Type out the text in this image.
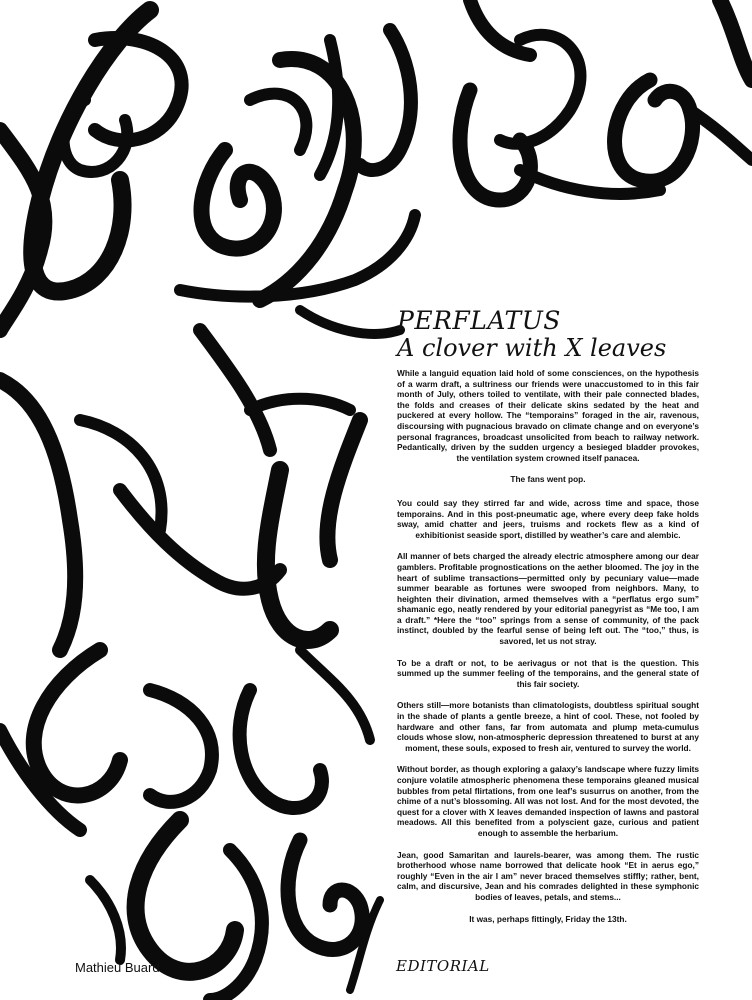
PERFLATUS
A clover with X leaves

While a languid equation laid hold of some consciences, on the hypothesis of a warm draft, a sultriness our friends were unaccustomed to in this fair month of July, others toiled to ventilate, with their pale connected blades, the folds and creases of their delicate skins sedated by the heat and puckered at every hollow. The “temporains” foraged in the air, ravenous, discoursing with pugnacious bravado on climate change and on everyone’s personal fragrances, broadcast unsolicited from beach to railway network. Pedantically, driven by the sudden urgency a besieged bladder provokes, the ventilation system crowned itself panacea.

The fans went pop.

You could say they stirred far and wide, across time and space, those temporains. And in this post-pneumatic age, where every deep fake holds sway, amid chatter and jeers, truisms and rockets flew as a kind of exhibitionist seaside sport, distilled by weather’s care and alembic.

All manner of bets charged the already electric atmosphere among our dear gamblers. Profitable prognostications on the aether bloomed. The joy in the heart of sublime transactions—permitted only by pecuniary value—made summer bearable as fortunes were swooped from neighbors. Many, to heighten their divination, armed themselves with a “perflatus ergo sum” shamanic ego, neatly rendered by your editorial panegyrist as “Me too, I am a draft.” *Here the “too” springs from a sense of community, of the pack instinct, doubled by the fearful sense of being left out. The “too,” thus, is savored, let us not stray.

To be a draft or not, to be aerivagus or not that is the question. This summed up the summer feeling of the temporains, and the general state of this fair society.

Others still—more botanists than climatologists, doubtless spiritual sought in the shade of plants a gentle breeze, a hint of cool. These, not fooled by hardware and other fans, far from automata and plump meta-cumulus clouds whose slow, non-atmospheric depression threatened to burst at any moment, these souls, exposed to fresh air, ventured to survey the world.

Without border, as though exploring a galaxy’s landscape where fuzzy limits conjure volatile atmospheric phenomena these temporains gleaned musical bubbles from petal flirtations, from one leaf’s susurrus on another, from the chime of a nut’s blossoming. All was not lost. And for the most devoted, the quest for a clover with X leaves demanded inspection of lawns and pastoral meadows. All this benefited from a polyscient gaze, curious and patient enough to assemble the herbarium.

Jean, good Samaritan and laurels-bearer, was among them. The rustic brotherhood whose name borrowed that delicate hook “Et in aerus ego,” roughly “Even in the air I am” never braced themselves stiffly; rather, bent, calm, and discursive, Jean and his comrades delighted in these symphonic bodies of leaves, petals, and stems...

It was, perhaps fittingly, Friday the 13th.

Mathieu Buard	EDITORIAL
